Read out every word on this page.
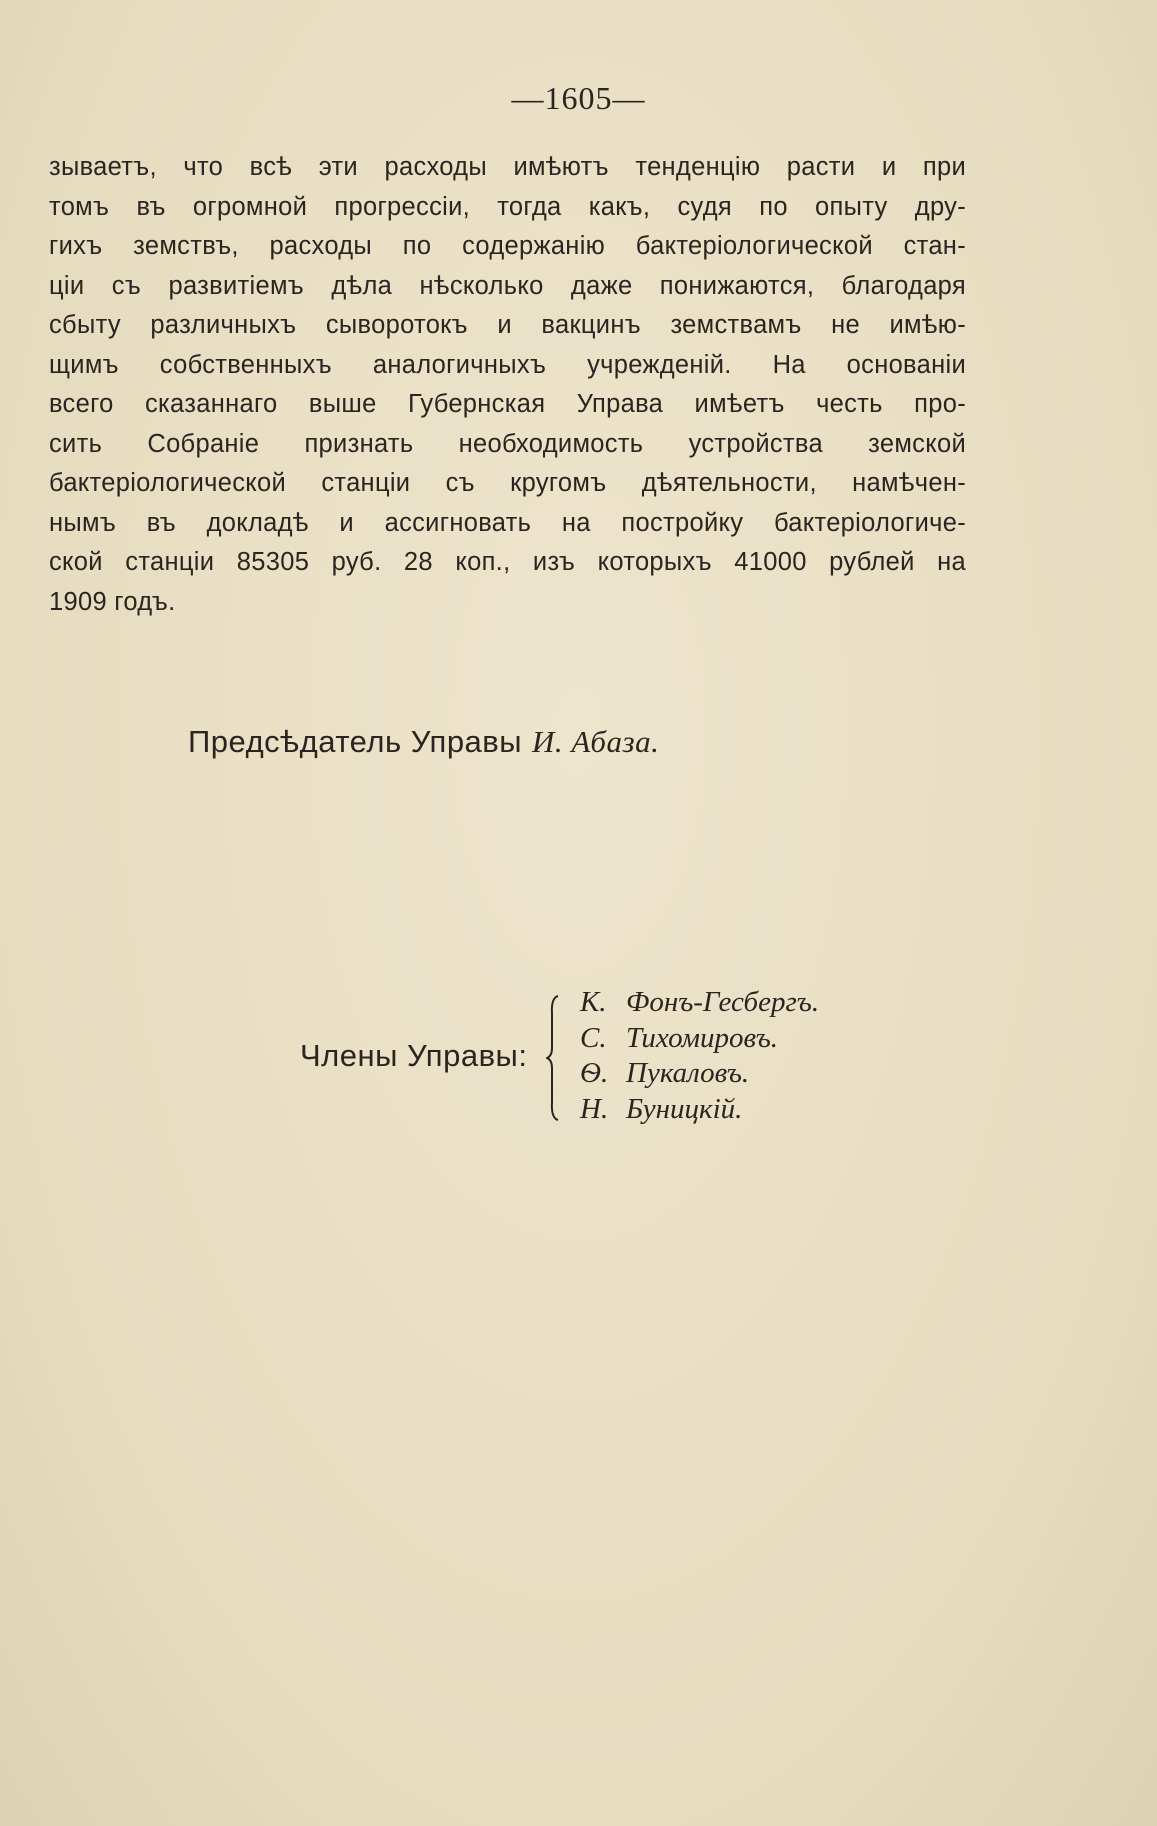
—1605—
зываетъ, что всѣ эти расходы имѣютъ тенденцію расти и при
томъ въ огромной прогрессіи, тогда какъ, судя по опыту дру-
гихъ земствъ, расходы по содержанію бактеріологической стан-
ціи съ развитіемъ дѣла нѣсколько даже понижаются, благодаря
сбыту различныхъ сыворотокъ и вакцинъ земствамъ не имѣю-
щимъ собственныхъ аналогичныхъ учрежденій. На основаніи
всего сказаннаго выше Губернская Управа имѣетъ честь про-
сить Собраніе признать необходимость устройства земской
бактеріологической станціи съ кругомъ дѣятельности, намѣчен-
нымъ въ докладѣ и ассигновать на постройку бактеріологиче-
ской станціи 85305 руб. 28 коп., изъ которыхъ 41000 рублей на
1909 годъ.
Предсѣдатель Управы И. Абаза.
Члены Управы:
К. Фонъ-Гесбергъ.
С. Тихомировъ.
Ѳ. Пукаловъ.
Н. Буницкій.
